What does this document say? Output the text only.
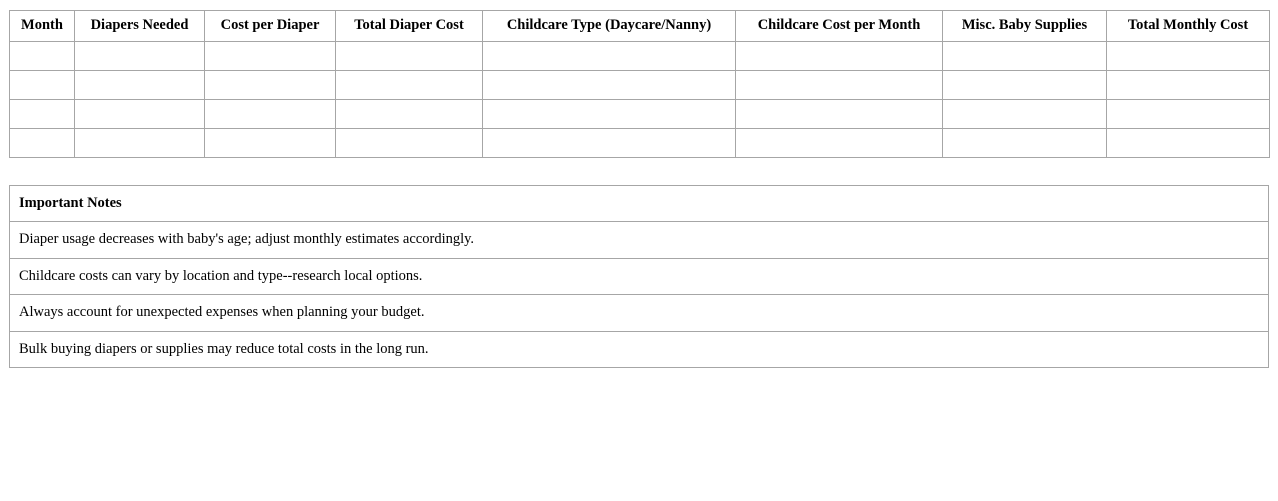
Month	Diapers Needed	Cost per Diaper	Total Diaper Cost	Childcare Type (Daycare/Nanny)	Childcare Cost per Month	Misc. Baby Supplies	Total Monthly Cost

Important Notes
Diaper usage decreases with baby's age; adjust monthly estimates accordingly.
Childcare costs can vary by location and type--research local options.
Always account for unexpected expenses when planning your budget.
Bulk buying diapers or supplies may reduce total costs in the long run.
